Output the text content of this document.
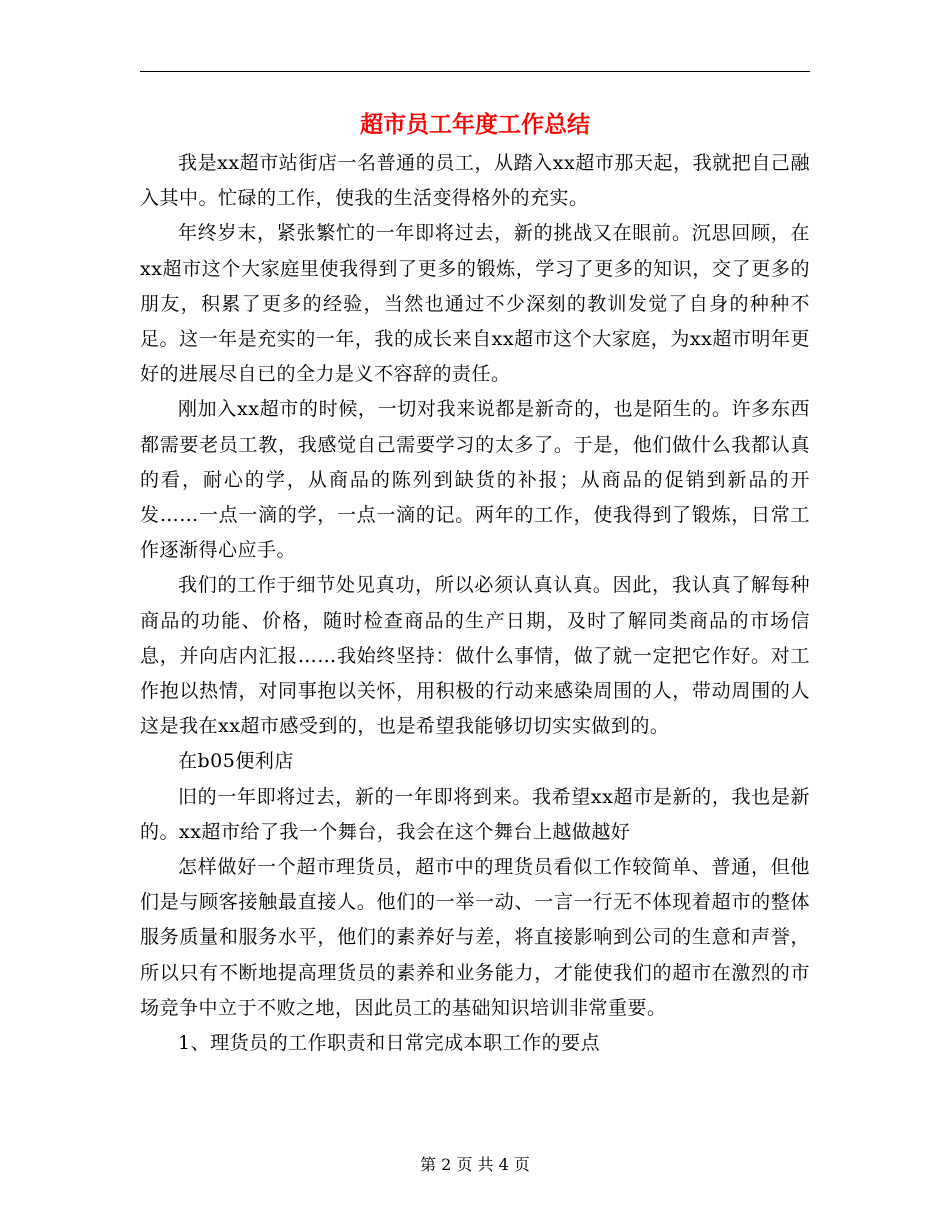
超市员工年度工作总结

我是xx超市站街店一名普通的员工，从踏入xx超市那天起，我就把自己融入其中。忙碌的工作，使我的生活变得格外的充实。

年终岁末，紧张繁忙的一年即将过去，新的挑战又在眼前。沉思回顾，在xx超市这个大家庭里使我得到了更多的锻炼，学习了更多的知识，交了更多的朋友，积累了更多的经验，当然也通过不少深刻的教训发觉了自身的种种不足。这一年是充实的一年，我的成长来自xx超市这个大家庭，为xx超市明年更好的进展尽自已的全力是义不容辞的责任。

刚加入xx超市的时候，一切对我来说都是新奇的，也是陌生的。许多东西都需要老员工教，我感觉自己需要学习的太多了。于是，他们做什么我都认真的看，耐心的学，从商品的陈列到缺货的补报；从商品的促销到新品的开发……一点一滴的学，一点一滴的记。两年的工作，使我得到了锻炼，日常工作逐渐得心应手。

我们的工作于细节处见真功，所以必须认真认真。因此，我认真了解每种商品的功能、价格，随时检查商品的生产日期，及时了解同类商品的市场信息，并向店内汇报……我始终坚持：做什么事情，做了就一定把它作好。对工作抱以热情，对同事抱以关怀，用积极的行动来感染周围的人，带动周围的人这是我在xx超市感受到的，也是希望我能够切切实实做到的。

在b05便利店

旧的一年即将过去，新的一年即将到来。我希望xx超市是新的，我也是新的。xx超市给了我一个舞台，我会在这个舞台上越做越好

怎样做好一个超市理货员，超市中的理货员看似工作较简单、普通，但他们是与顾客接触最直接人。他们的一举一动、一言一行无不体现着超市的整体服务质量和服务水平，他们的素养好与差，将直接影响到公司的生意和声誉，所以只有不断地提高理货员的素养和业务能力，才能使我们的超市在激烈的市场竞争中立于不败之地，因此员工的基础知识培训非常重要。

1、理货员的工作职责和日常完成本职工作的要点

第 2 页 共 4 页
